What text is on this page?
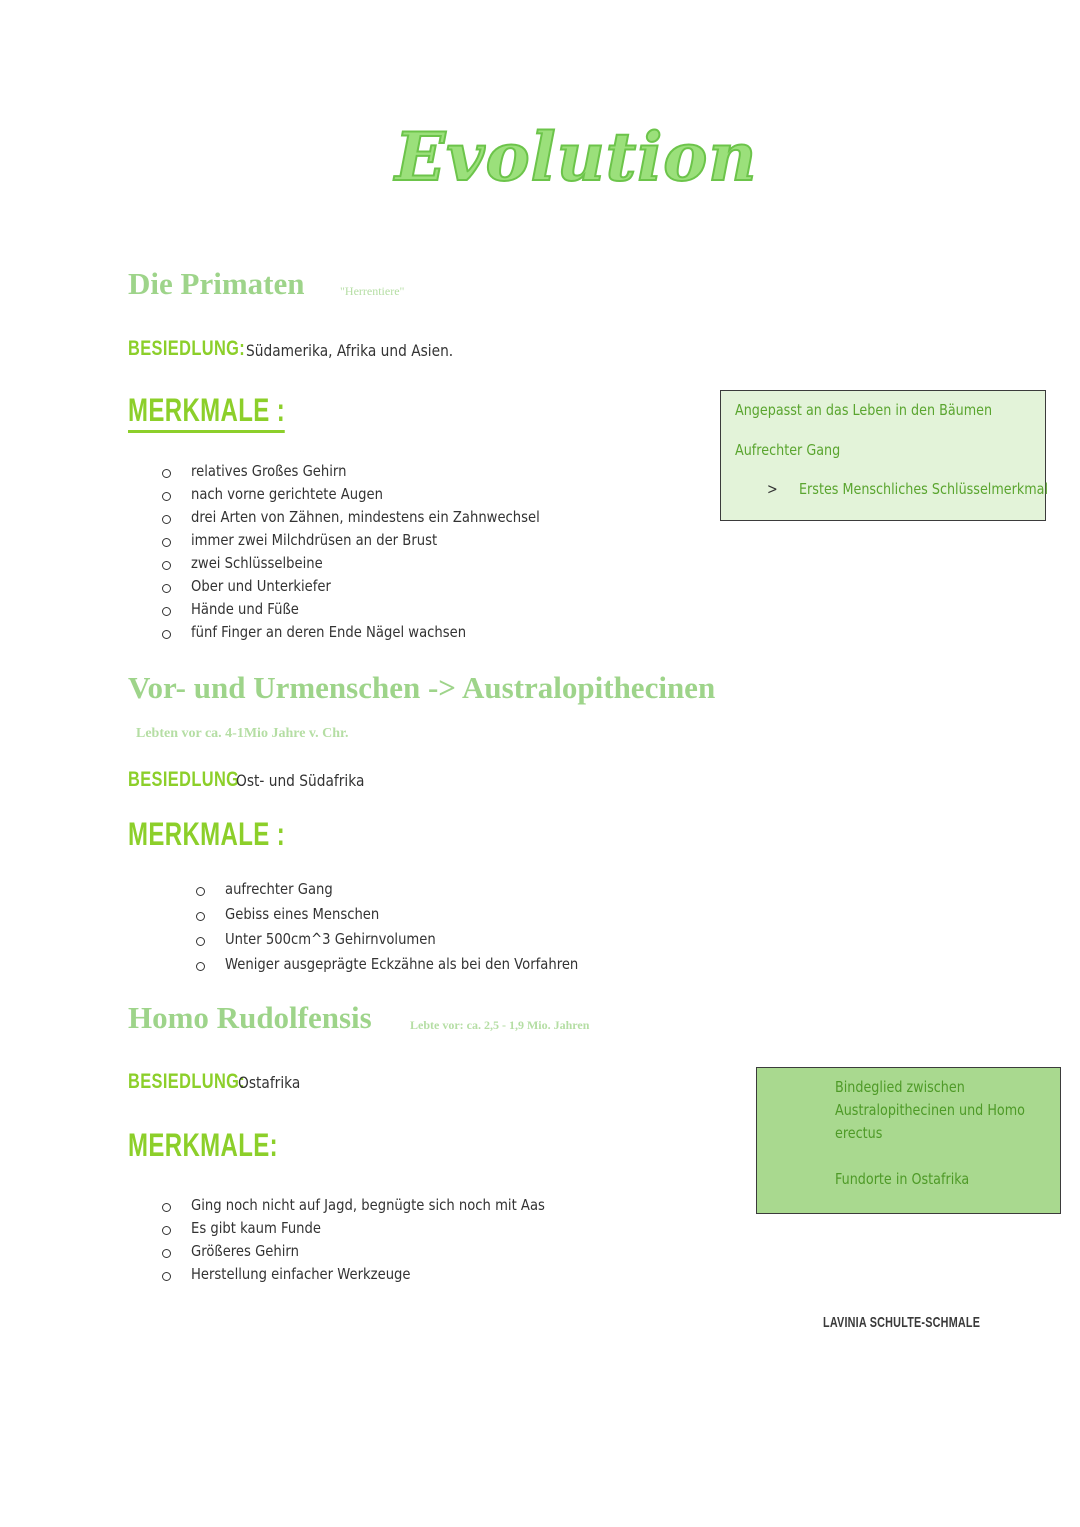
Evolution
Die Primaten	"Herrentiere"
BESIEDLUNG: Südamerika, Afrika und Asien.
MERKMALE :
relatives Großes Gehirn
nach vorne gerichtete Augen
drei Arten von Zähnen, mindestens ein Zahnwechsel
immer zwei Milchdrüsen an der Brust
zwei Schlüsselbeine
Ober und Unterkiefer
Hände und Füße
fünf Finger an deren Ende Nägel wachsen
Angepasst an das Leben in den Bäumen
Aufrechter Gang
> Erstes Menschliches Schlüsselmerkmal
Vor- und Urmenschen -> Australopithecinen
Lebten vor ca. 4-1Mio Jahre v. Chr.
BESIEDLUNG
Ost- und Südafrika
MERKMALE :
aufrechter Gang
Gebiss eines Menschen
Unter 500cm^3 Gehirnvolumen
Weniger ausgeprägte Eckzähne als bei den Vorfahren
Homo Rudolfensis	Lebte vor: ca. 2,5 - 1,9 Mio. Jahren
BESIEDLUNG:
Ostafrika
MERKMALE:
Ging noch nicht auf Jagd, begnügte sich noch mit Aas
Es gibt kaum Funde
Größeres Gehirn
Herstellung einfacher Werkzeuge
Bindeglied zwischen
Australopithecinen und Homo
erectus
Fundorte in Ostafrika
LAVINIA SCHULTE-SCHMALE
